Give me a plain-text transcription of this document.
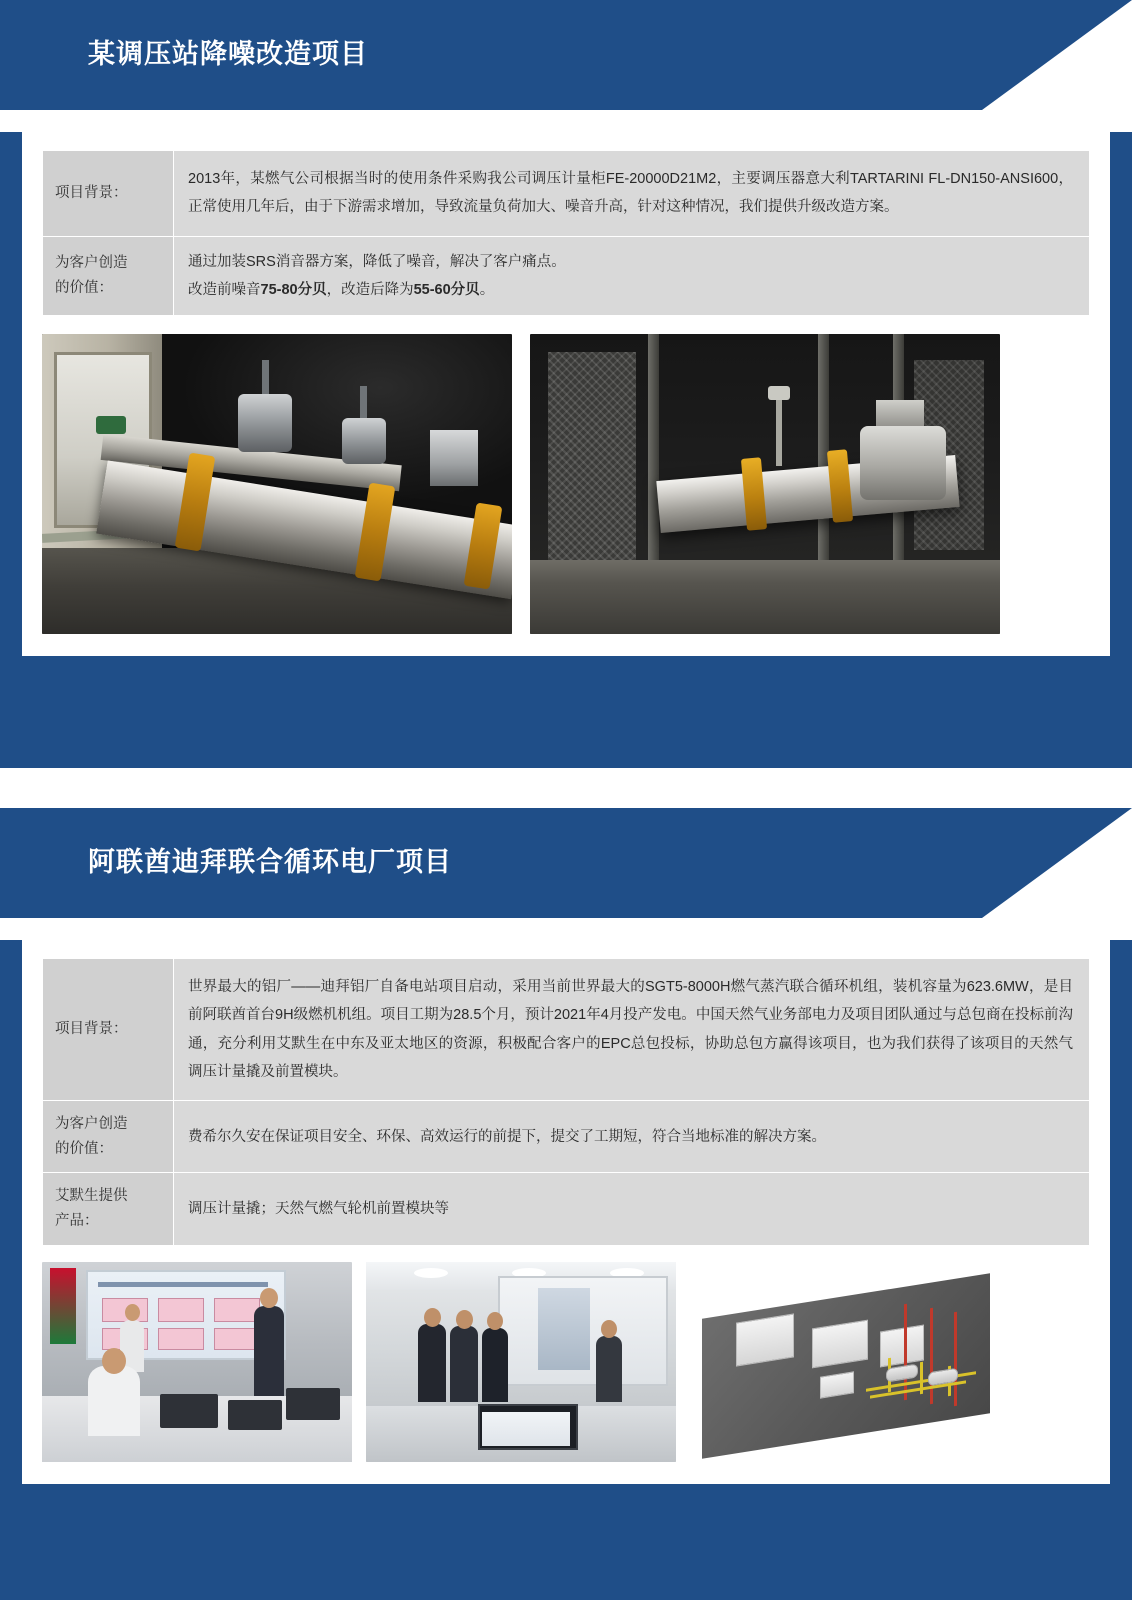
某调压站降噪改造项目
项目背景：	2013年，某燃气公司根据当时的使用条件采购我公司调压计量柜FE-20000D21M2，主要调压器意大利TARTARINI FL-DN150-ANSI600，正常使用几年后，由于下游需求增加，导致流量负荷加大、噪音升高，针对这种情况，我们提供升级改造方案。
为客户创造
的价值：	通过加装SRS消音器方案，降低了噪音，解决了客户痛点。
改造前噪音75-80分贝，改造后降为55-60分贝。
阿联酋迪拜联合循环电厂项目
项目背景：	世界最大的铝厂——迪拜铝厂自备电站项目启动，采用当前世界最大的SGT5-8000H燃气蒸汽联合循环机组，装机容量为623.6MW，是目前阿联酋首台9H级燃机机组。项目工期为28.5个月，预计2021年4月投产发电。中国天然气业务部电力及项目团队通过与总包商在投标前沟通，充分利用艾默生在中东及亚太地区的资源，积极配合客户的EPC总包投标，协助总包方赢得该项目，也为我们获得了该项目的天然气调压计量撬及前置模块。
为客户创造
的价值：	费希尔久安在保证项目安全、环保、高效运行的前提下，提交了工期短，符合当地标准的解决方案。
艾默生提供
产品：	调压计量撬；天然气燃气轮机前置模块等
